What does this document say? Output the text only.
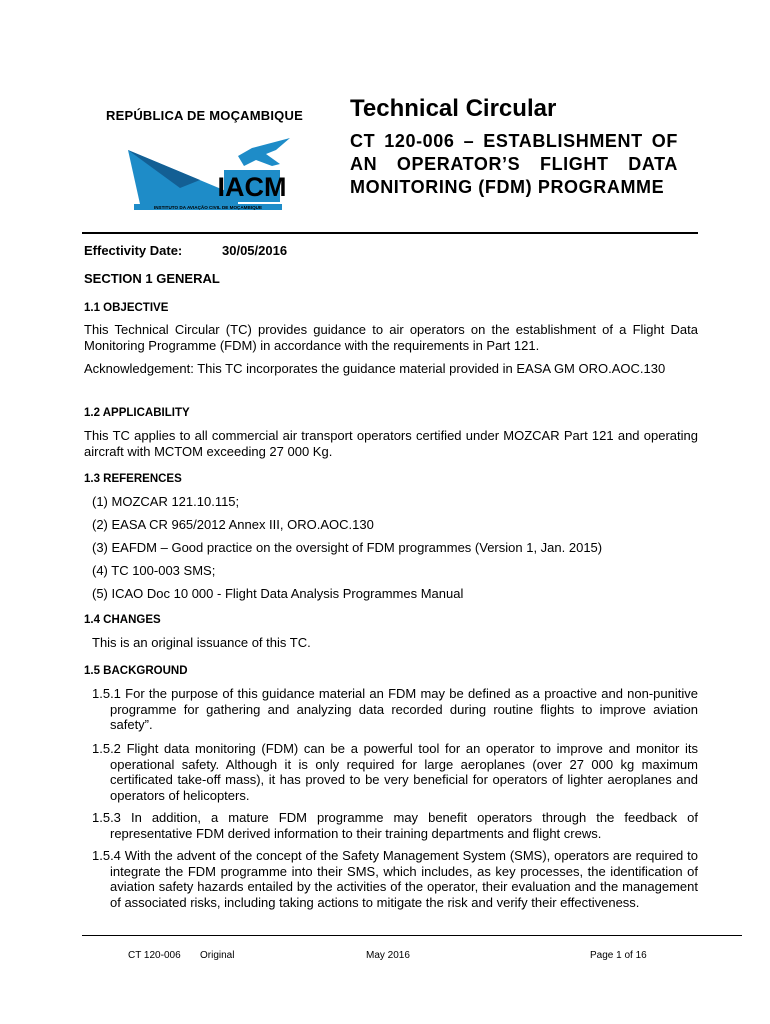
REPÚBLICA DE MOÇAMBIQUE
IACM
INSTITUTO DA AVIAÇÃO CIVIL DE MOÇAMBIQUE
Technical Circular
CT 120-006 – ESTABLISHMENT OF AN OPERATOR’S FLIGHT DATA MONITORING (FDM) PROGRAMME
Effectivity Date:	30/05/2016
SECTION 1 GENERAL
1.1 OBJECTIVE

This Technical Circular (TC) provides guidance to air operators on the establishment of a Flight Data Monitoring Programme (FDM) in accordance with the requirements in Part 121.

Acknowledgement: This TC incorporates the guidance material provided in EASA GM ORO.AOC.130

1.2 APPLICABILITY

This TC applies to all commercial air transport operators certified under MOZCAR Part 121 and operating aircraft with MCTOM exceeding 27 000 Kg.

1.3 REFERENCES
(1) MOZCAR 121.10.115;
(2) EASA CR 965/2012 Annex III, ORO.AOC.130
(3) EAFDM – Good practice on the oversight of FDM programmes (Version 1, Jan. 2015)
(4) TC 100-003 SMS;
(5) ICAO Doc 10 000 - Flight Data Analysis Programmes Manual
1.4 CHANGES
This is an original issuance of this TC.
1.5 BACKGROUND

1.5.1 For the purpose of this guidance material an FDM may be defined as a proactive and non-punitive programme for gathering and analyzing data recorded during routine flights to improve aviation safety”.

1.5.2 Flight data monitoring (FDM) can be a powerful tool for an operator to improve and monitor its operational safety. Although it is only required for large aeroplanes (over 27 000 kg maximum certificated take-off mass), it has proved to be very beneficial for operators of lighter aeroplanes and operators of helicopters.

1.5.3 In addition, a mature FDM programme may benefit operators through the feedback of representative FDM derived information to their training departments and flight crews.

1.5.4 With the advent of the concept of the Safety Management System (SMS), operators are required to integrate the FDM programme into their SMS, which includes, as key processes, the identification of aviation safety hazards entailed by the activities of the operator, their evaluation and the management of associated risks, including taking actions to mitigate the risk and verify their effectiveness.

CT 120-006 Original	May 2016	Page 1 of 16
